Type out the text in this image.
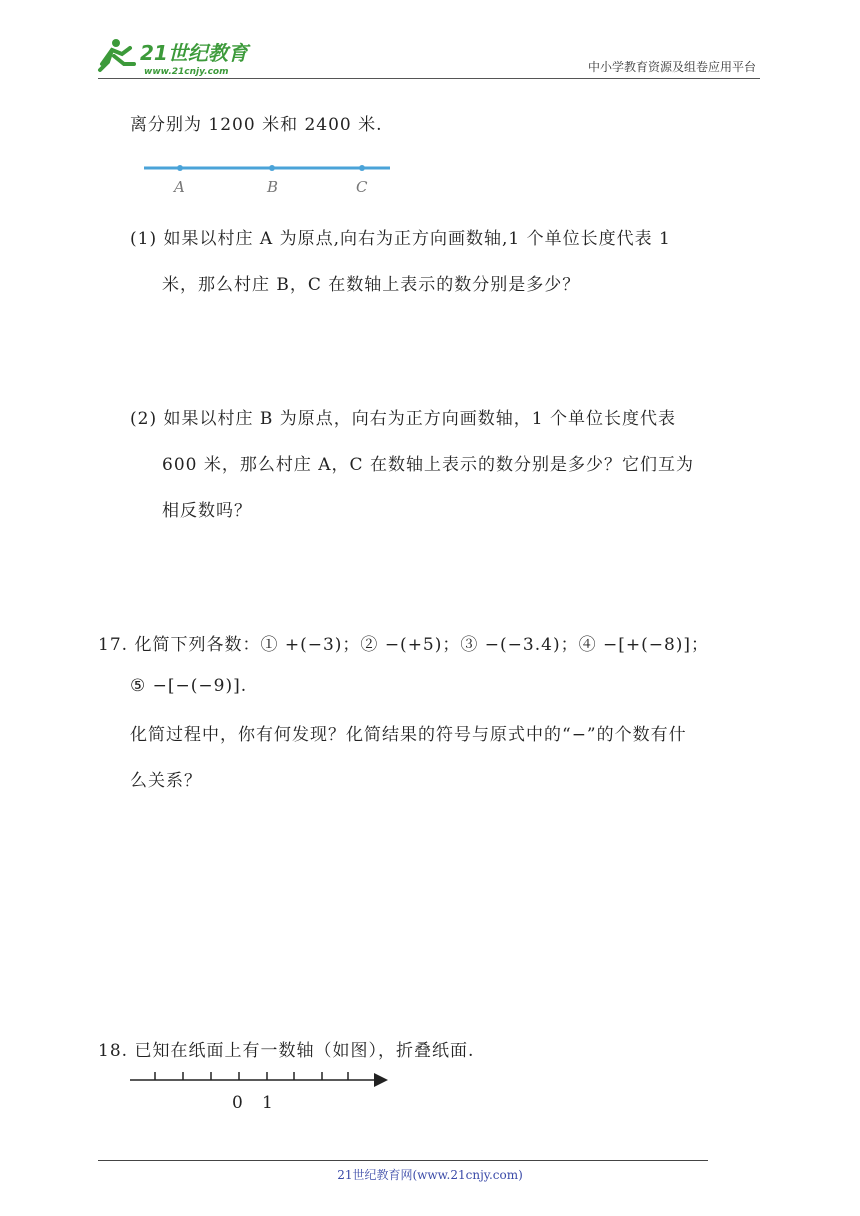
21世纪教育
www.21cnjy.com	中小学教育资源及组卷应用平台
离分别为 1200 米和 2400 米.
A	B	C
(1) 如果以村庄 A 为原点,向右为正方向画数轴,1 个单位长度代表 1
米，那么村庄 B，C 在数轴上表示的数分别是多少？
(2) 如果以村庄 B 为原点，向右为正方向画数轴，1 个单位长度代表
600 米，那么村庄 A，C 在数轴上表示的数分别是多少？它们互为
相反数吗？
17. 化简下列各数：① +(−3)；② −(+5)；③ −(−3.4)；④ −[+(−8)]；
⑤ −[−(−9)].
化简过程中，你有何发现？化简结果的符号与原式中的“−”的个数有什
么关系？
18. 已知在纸面上有一数轴（如图），折叠纸面.
0 1
21世纪教育网(www.21cnjy.com)
